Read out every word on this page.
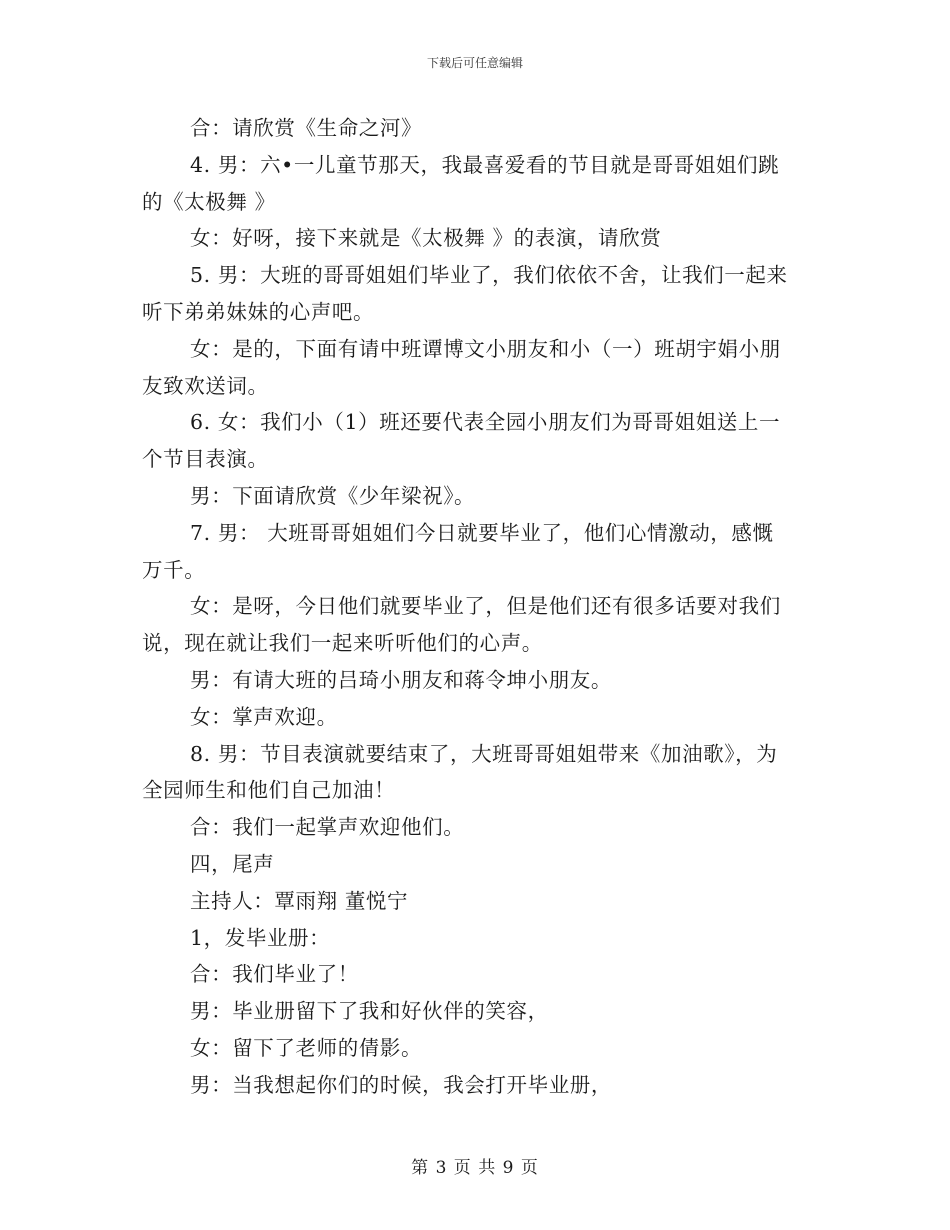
下载后可任意编辑
合：请欣赏《生命之河》
4. 男：六•一儿童节那天，我最喜爱看的节目就是哥哥姐姐们跳
的《太极舞 》
女：好呀，接下来就是《太极舞 》的表演，请欣赏
5. 男：大班的哥哥姐姐们毕业了，我们依依不舍，让我们一起来
听下弟弟妹妹的心声吧。
女：是的，下面有请中班谭博文小朋友和小（一）班胡宇娟小朋
友致欢送词。
6. 女：我们小（1）班还要代表全园小朋友们为哥哥姐姐送上一
个节目表演。
男：下面请欣赏《少年梁祝》。
7. 男： 大班哥哥姐姐们今日就要毕业了，他们心情激动，感慨
万千。
女：是呀，今日他们就要毕业了，但是他们还有很多话要对我们
说，现在就让我们一起来听听他们的心声。
男：有请大班的吕琦小朋友和蒋令坤小朋友。
女：掌声欢迎。
8. 男：节目表演就要结束了，大班哥哥姐姐带来《加油歌》，为
全园师生和他们自己加油！
合：我们一起掌声欢迎他们。
四，尾声
主持人：覃雨翔 董悦宁
1，发毕业册：
合：我们毕业了！
男：毕业册留下了我和好伙伴的笑容，
女：留下了老师的倩影。
男：当我想起你们的时候，我会打开毕业册，
第 3 页 共 9 页
